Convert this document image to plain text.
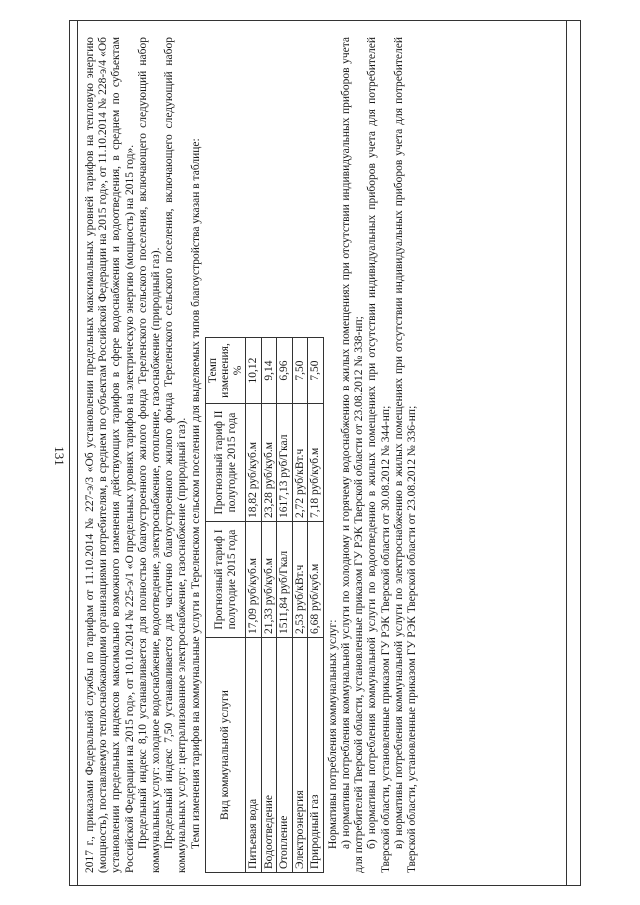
131 2017 г., приказами Федеральной службы по тарифам от 11.10.2014 № 227-э/3 «Об установлении предельных максимальных уровней тарифов на тепловую энергию (мощность), поставляемую теплоснабжающими организациями потребителям, в среднем по субъектам Российской Федерации на 2015 год», от 11.10.2014 № 228-э/4 «Об установлении предельных индексов максимально возможного изменения действующих тарифов в сфере водоснабжения и водоотведения, в среднем по субъектам Российской Федерации на 2015 год», от 10.10.2014 № 225-э/1 «О предельных уровнях тарифов на электрическую энергию (мощность) на 2015 год». Предельный индекс 8,10 устанавливается для полностью благоустроенного жилого фонда Тереленского сельского поселения, включающего следующий набор коммунальных услуг: холодное водоснабжение, водоотведение, электроснабжение, отопление, газоснабжение (природный газ). Предельный индекс 7,50 устанавливается для частично благоустроенного жилого фонда Тереленского сельского поселения, включающего следующий набор коммунальных услуг: централизованное электроснабжение, газоснабжение (природный газ). Темп изменения тарифов на коммунальные услуги в Тереленском сельском поселении для выделяемых типов благоустройства указан в таблице: Вид коммунальной услуги	Прогнозный тариф I полугодие 2015 года	Прогнозный тариф II полугодие 2015 года	Темп изменения, %
Питьевая вода	17,09 руб/куб.м	18,82 руб/куб.м	10,12
Водоотведение	21,33 руб/куб.м	23,28 руб/куб.м	9,14
Отопление	1511,84 руб/Гкал	1617,13 руб/Гкал	6,96
Электроэнергия	2,53 руб/кВт.ч	2,72 руб/кВт.ч	7,50
Природный газ	6,68 руб/куб.м	7,18 руб/куб.м	7,50

Нормативы потребления коммунальных услуг: а) нормативы потребления коммунальной услуги по холодному и горячему водоснабжению в жилых помещениях при отсутствии индивидуальных приборов учета для потребителей Тверской области, установленные приказом ГУ РЭК Тверской области от 23.08.2012 № 338-нп; б) нормативы потребления коммунальной услуги по водоотведению в жилых помещениях при отсутствии индивидуальных приборов учета для потребителей Тверской области, установленные приказом ГУ РЭК Тверской области от 30.08.2012 № 344-нп; в) нормативы потребления коммунальной услуги по электроснабжению в жилых помещениях при отсутствии индивидуальных приборов учета для потребителей Тверской области, установленные приказом ГУ РЭК Тверской области от 23.08.2012 № 336-нп;
